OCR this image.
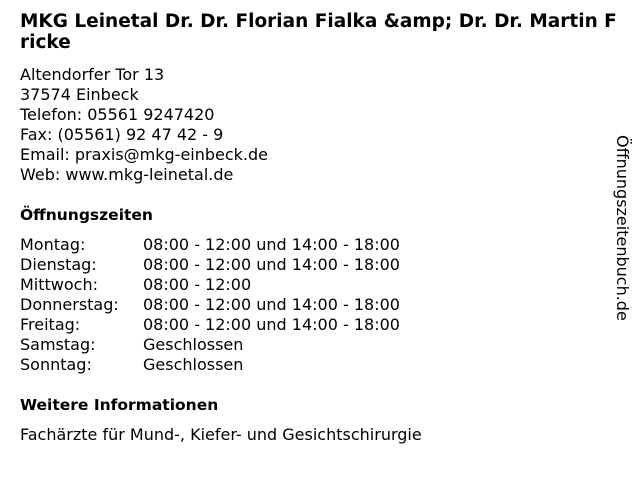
MKG Leinetal Dr. Dr. Florian Fialka &amp; Dr. Dr. Martin Fricke
Altendorfer Tor 13
37574 Einbeck
Telefon: 05561 9247420
Fax: (05561) 92 47 42 - 9
Email: praxis@mkg-einbeck.de
Web: www.mkg-leinetal.de
Öffnungszeiten
Montag:	08:00 - 12:00 und 14:00 - 18:00
Dienstag:	08:00 - 12:00 und 14:00 - 18:00
Mittwoch:	08:00 - 12:00
Donnerstag:	08:00 - 12:00 und 14:00 - 18:00
Freitag:	08:00 - 12:00 und 14:00 - 18:00
Samstag:	Geschlossen
Sonntag:	Geschlossen
Weitere Informationen
Fachärzte für Mund-, Kiefer- und Gesichtschirurgie
Öffnungszeitenbuch.de
